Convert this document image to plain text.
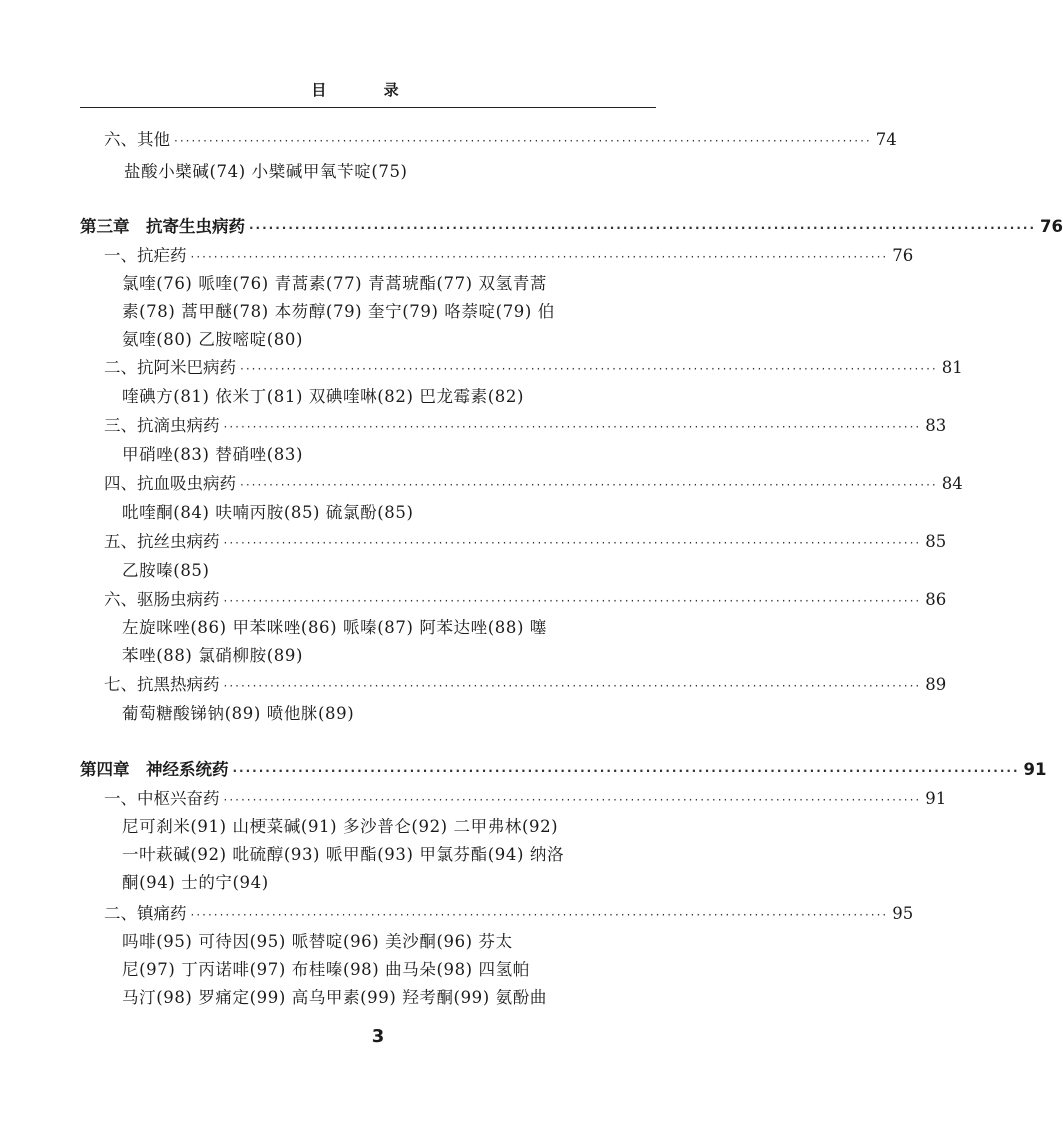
目 录
六、其他 ························································································································ 74
盐酸小檗碱(74) 小檗碱甲氧苄啶(75)
第三章　抗寄生虫病药 ························································································································ 76
一、抗疟药 ························································································································ 76
氯喹(76) 哌喹(76) 青蒿素(77) 青蒿琥酯(77) 双氢青蒿
素(78) 蒿甲醚(78) 本芴醇(79) 奎宁(79) 咯萘啶(79) 伯
氨喹(80) 乙胺嘧啶(80)
二、抗阿米巴病药 ························································································································ 81
喹碘方(81) 依米丁(81) 双碘喹啉(82) 巴龙霉素(82)
三、抗滴虫病药 ························································································································ 83
甲硝唑(83) 替硝唑(83)
四、抗血吸虫病药 ························································································································ 84
吡喹酮(84) 呋喃丙胺(85) 硫氯酚(85)
五、抗丝虫病药 ························································································································ 85
乙胺嗪(85)
六、驱肠虫病药 ························································································································ 86
左旋咪唑(86) 甲苯咪唑(86) 哌嗪(87) 阿苯达唑(88) 噻
苯唑(88) 氯硝柳胺(89)
七、抗黑热病药 ························································································································ 89
葡萄糖酸锑钠(89) 喷他脒(89)
第四章　神经系统药 ························································································································ 91
一、中枢兴奋药 ························································································································ 91
尼可刹米(91) 山梗菜碱(91) 多沙普仑(92) 二甲弗林(92)
一叶萩碱(92) 吡硫醇(93) 哌甲酯(93) 甲氯芬酯(94) 纳洛
酮(94) 士的宁(94)
二、镇痛药 ························································································································ 95
吗啡(95) 可待因(95) 哌替啶(96) 美沙酮(96) 芬太
尼(97) 丁丙诺啡(97) 布桂嗪(98) 曲马朵(98) 四氢帕
马汀(98) 罗痛定(99) 高乌甲素(99) 羟考酮(99) 氨酚曲
3
